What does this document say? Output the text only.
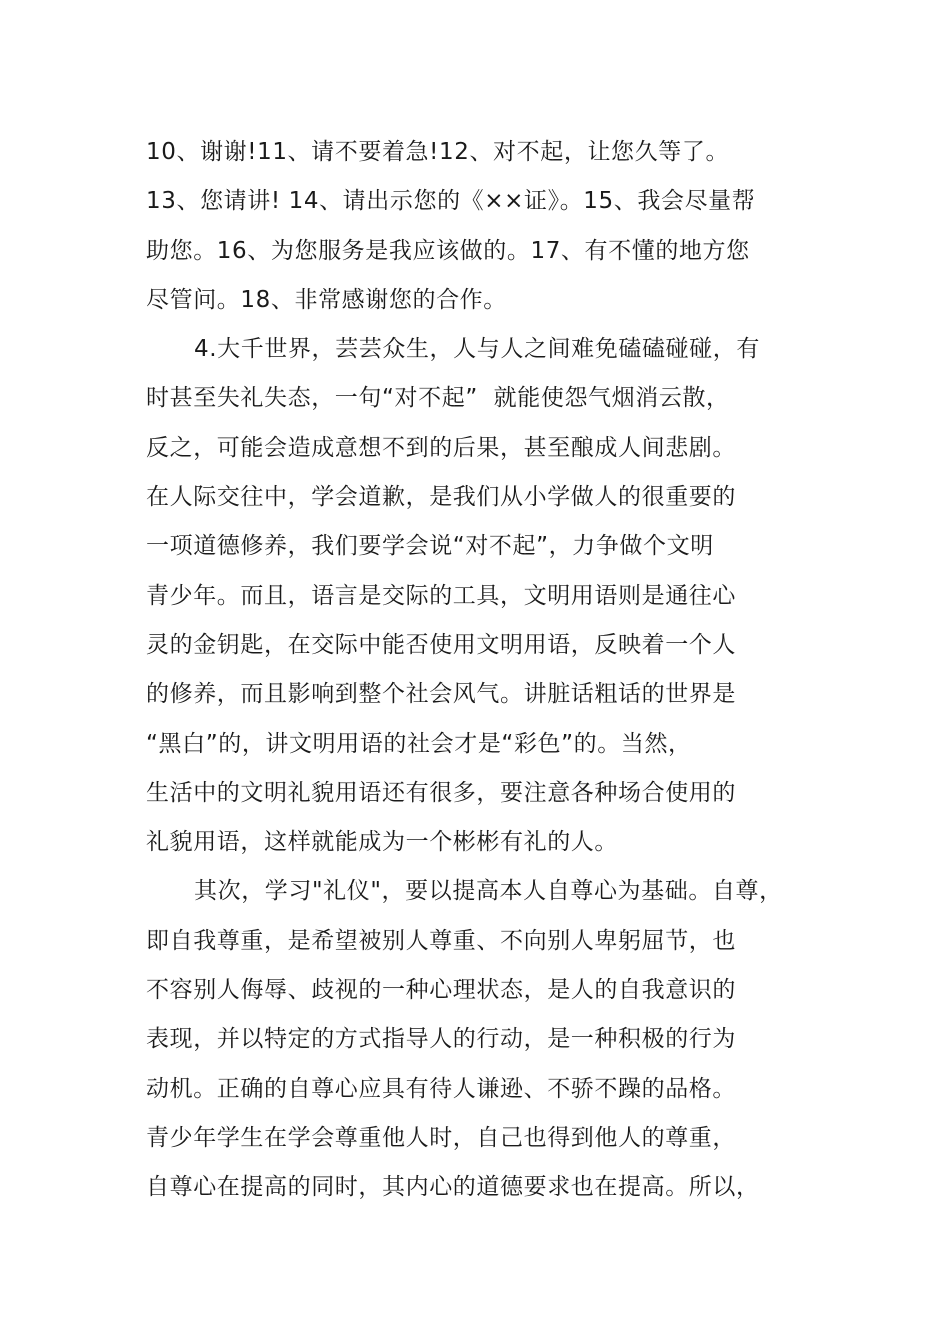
10、谢谢!11、请不要着急!12、对不起，让您久等了。
13、您请讲! 14、请出示您的《××证》。15、我会尽量帮
助您。16、为您服务是我应该做的。17、有不懂的地方您
尽管问。18、非常感谢您的合作。
4.大千世界，芸芸众生，人与人之间难免磕磕碰碰，有
时甚至失礼失态，一句“对不起”  就能使怨气烟消云散，
反之，可能会造成意想不到的后果，甚至酿成人间悲剧。
在人际交往中，学会道歉，是我们从小学做人的很重要的
一项道德修养，我们要学会说“对不起”，力争做个文明
青少年。而且，语言是交际的工具，文明用语则是通往心
灵的金钥匙，在交际中能否使用文明用语，反映着一个人
的修养，而且影响到整个社会风气。讲脏话粗话的世界是
“黑白”的，讲文明用语的社会才是“彩色”的。当然，
生活中的文明礼貌用语还有很多，要注意各种场合使用的
礼貌用语，这样就能成为一个彬彬有礼的人。
其次，学习"礼仪"，要以提高本人自尊心为基础。自尊，
即自我尊重，是希望被别人尊重、不向别人卑躬屈节，也
不容别人侮辱、歧视的一种心理状态，是人的自我意识的
表现，并以特定的方式指导人的行动，是一种积极的行为
动机。正确的自尊心应具有待人谦逊、不骄不躁的品格。
青少年学生在学会尊重他人时，自己也得到他人的尊重，
自尊心在提高的同时，其内心的道德要求也在提高。所以，
